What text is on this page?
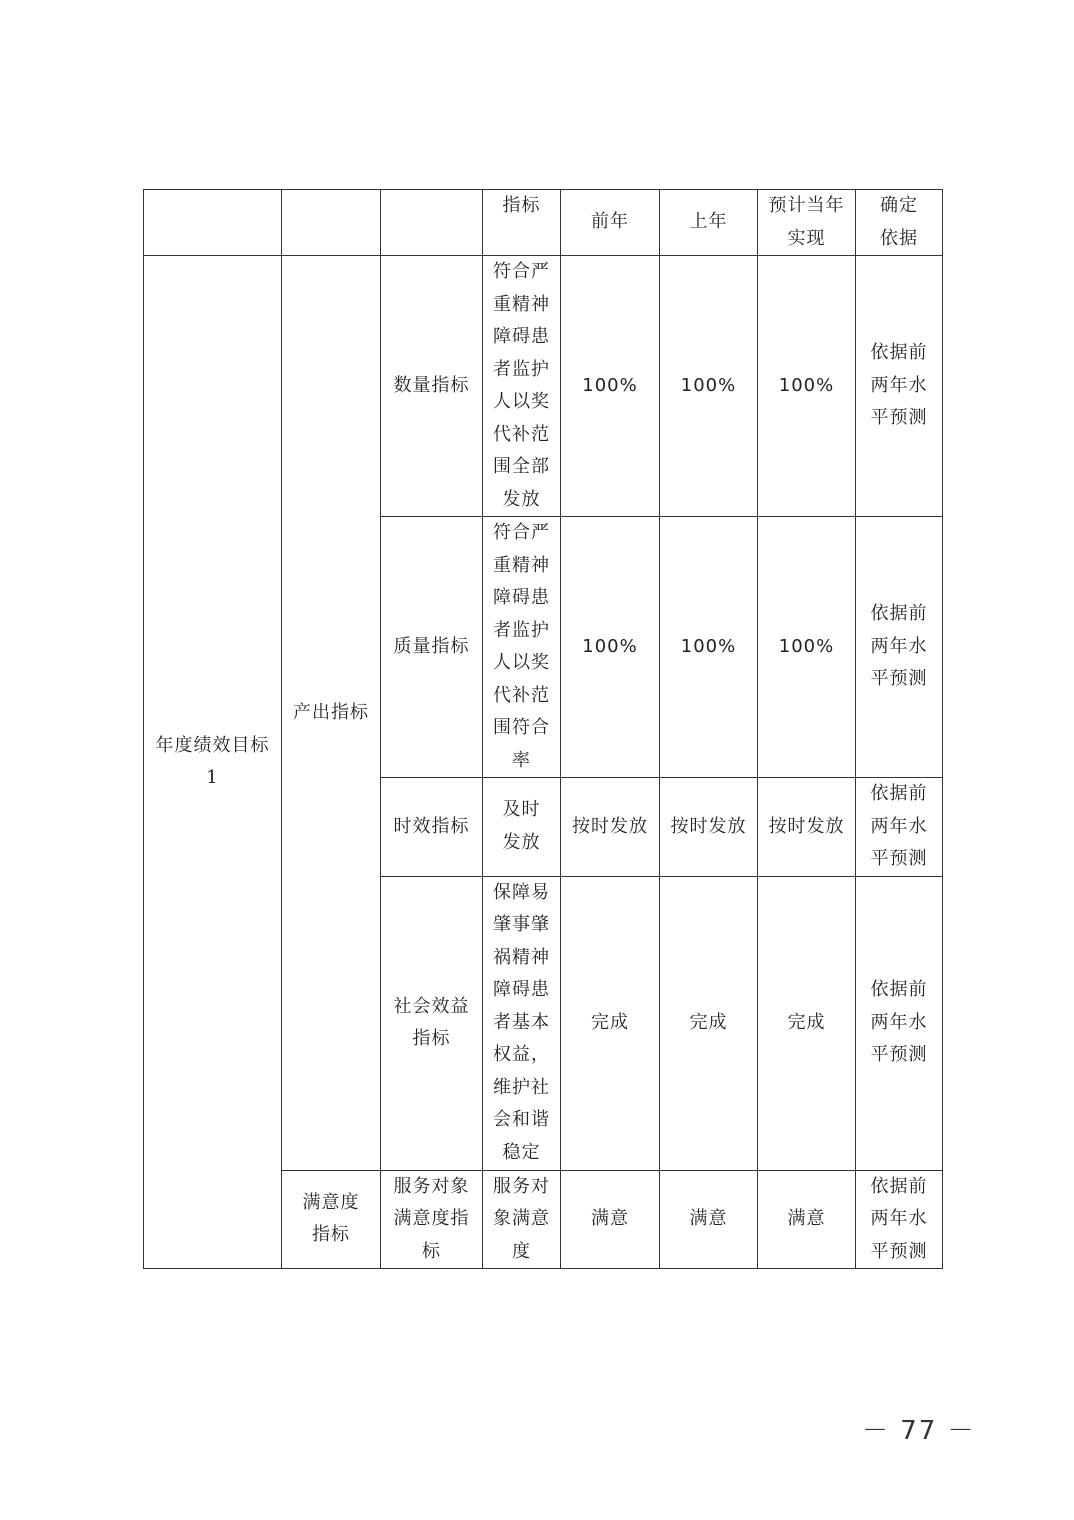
			指标	前年	上年	预计当年实现	确定依据
年度绩效目标1	产出指标	数量指标	符合严重精神障碍患者监护人以奖代补范围全部发放	100%	100%	100%	依据前两年水平预测
		质量指标	符合严重精神障碍患者监护人以奖代补范围符合率	100%	100%	100%	依据前两年水平预测
		时效指标	及时发放	按时发放	按时发放	按时发放	依据前两年水平预测
		社会效益指标	保障易肇事肇祸精神障碍患者基本权益，维护社会和谐稳定	完成	完成	完成	依据前两年水平预测
	满意度指标	服务对象满意度指标	服务对象满意度	满意	满意	满意	依据前两年水平预测
－ 77 －
